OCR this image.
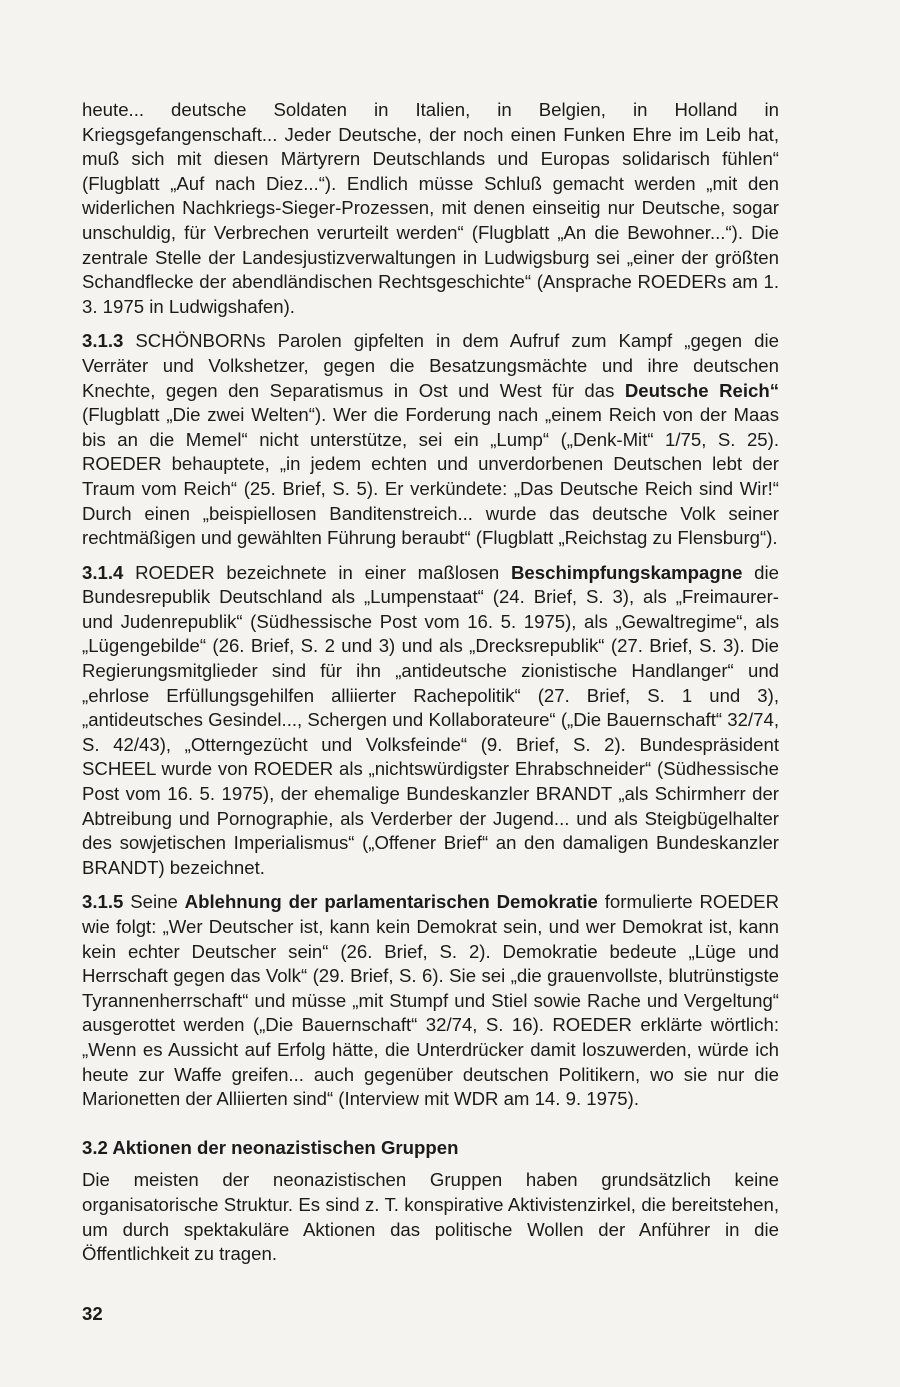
heute... deutsche Soldaten in Italien, in Belgien, in Holland in Kriegsgefangenschaft... Jeder Deutsche, der noch einen Funken Ehre im Leib hat, muß sich mit diesen Märtyrern Deutschlands und Europas solidarisch fühlen“ (Flugblatt „Auf nach Diez...“). Endlich müsse Schluß gemacht werden „mit den widerlichen Nachkriegs-Sieger-Prozessen, mit denen einseitig nur Deutsche, sogar unschuldig, für Verbrechen verurteilt werden“ (Flugblatt „An die Bewohner...“). Die zentrale Stelle der Landesjustizverwaltungen in Ludwigsburg sei „einer der größten Schandflecke der abendländischen Rechtsgeschichte“ (Ansprache ROEDERs am 1. 3. 1975 in Ludwigshafen).

3.1.3 SCHÖNBORNs Parolen gipfelten in dem Aufruf zum Kampf „gegen die Verräter und Volkshetzer, gegen die Besatzungsmächte und ihre deutschen Knechte, gegen den Separatismus in Ost und West für das Deutsche Reich“ (Flugblatt „Die zwei Welten“). Wer die Forderung nach „einem Reich von der Maas bis an die Memel“ nicht unterstütze, sei ein „Lump“ („Denk-Mit“ 1/75, S. 25). ROEDER behauptete, „in jedem echten und unverdorbenen Deutschen lebt der Traum vom Reich“ (25. Brief, S. 5). Er verkündete: „Das Deutsche Reich sind Wir!“ Durch einen „beispiellosen Banditenstreich... wurde das deutsche Volk seiner rechtmäßigen und gewählten Führung beraubt“ (Flugblatt „Reichstag zu Flensburg“).

3.1.4 ROEDER bezeichnete in einer maßlosen Beschimpfungskampagne die Bundesrepublik Deutschland als „Lumpenstaat“ (24. Brief, S. 3), als „Freimaurer- und Judenrepublik“ (Südhessische Post vom 16. 5. 1975), als „Gewaltregime“, als „Lügengebilde“ (26. Brief, S. 2 und 3) und als „Drecksrepublik“ (27. Brief, S. 3). Die Regierungsmitglieder sind für ihn „antideutsche zionistische Handlanger“ und „ehrlose Erfüllungsgehilfen alliierter Rachepolitik“ (27. Brief, S. 1 und 3), „antideutsches Gesindel..., Schergen und Kollaborateure“ („Die Bauernschaft“ 32/74, S. 42/43), „Otterngezücht und Volksfeinde“ (9. Brief, S. 2). Bundespräsident SCHEEL wurde von ROEDER als „nichtswürdigster Ehrabschneider“ (Südhessische Post vom 16. 5. 1975), der ehemalige Bundeskanzler BRANDT „als Schirmherr der Abtreibung und Pornographie, als Verderber der Jugend... und als Steigbügelhalter des sowjetischen Imperialismus“ („Offener Brief“ an den damaligen Bundeskanzler BRANDT) bezeichnet.

3.1.5 Seine Ablehnung der parlamentarischen Demokratie formulierte ROEDER wie folgt: „Wer Deutscher ist, kann kein Demokrat sein, und wer Demokrat ist, kann kein echter Deutscher sein“ (26. Brief, S. 2). Demokratie bedeute „Lüge und Herrschaft gegen das Volk“ (29. Brief, S. 6). Sie sei „die grauenvollste, blutrünstigste Tyrannenherrschaft“ und müsse „mit Stumpf und Stiel sowie Rache und Vergeltung“ ausgerottet werden („Die Bauernschaft“ 32/74, S. 16). ROEDER erklärte wörtlich: „Wenn es Aussicht auf Erfolg hätte, die Unterdrücker damit loszuwerden, würde ich heute zur Waffe greifen... auch gegenüber deutschen Politikern, wo sie nur die Marionetten der Alliierten sind“ (Interview mit WDR am 14. 9. 1975).

3.2 Aktionen der neonazistischen Gruppen

Die meisten der neonazistischen Gruppen haben grundsätzlich keine organisatorische Struktur. Es sind z. T. konspirative Aktivistenzirkel, die bereitstehen, um durch spektakuläre Aktionen das politische Wollen der Anführer in die Öffentlichkeit zu tragen.

32
